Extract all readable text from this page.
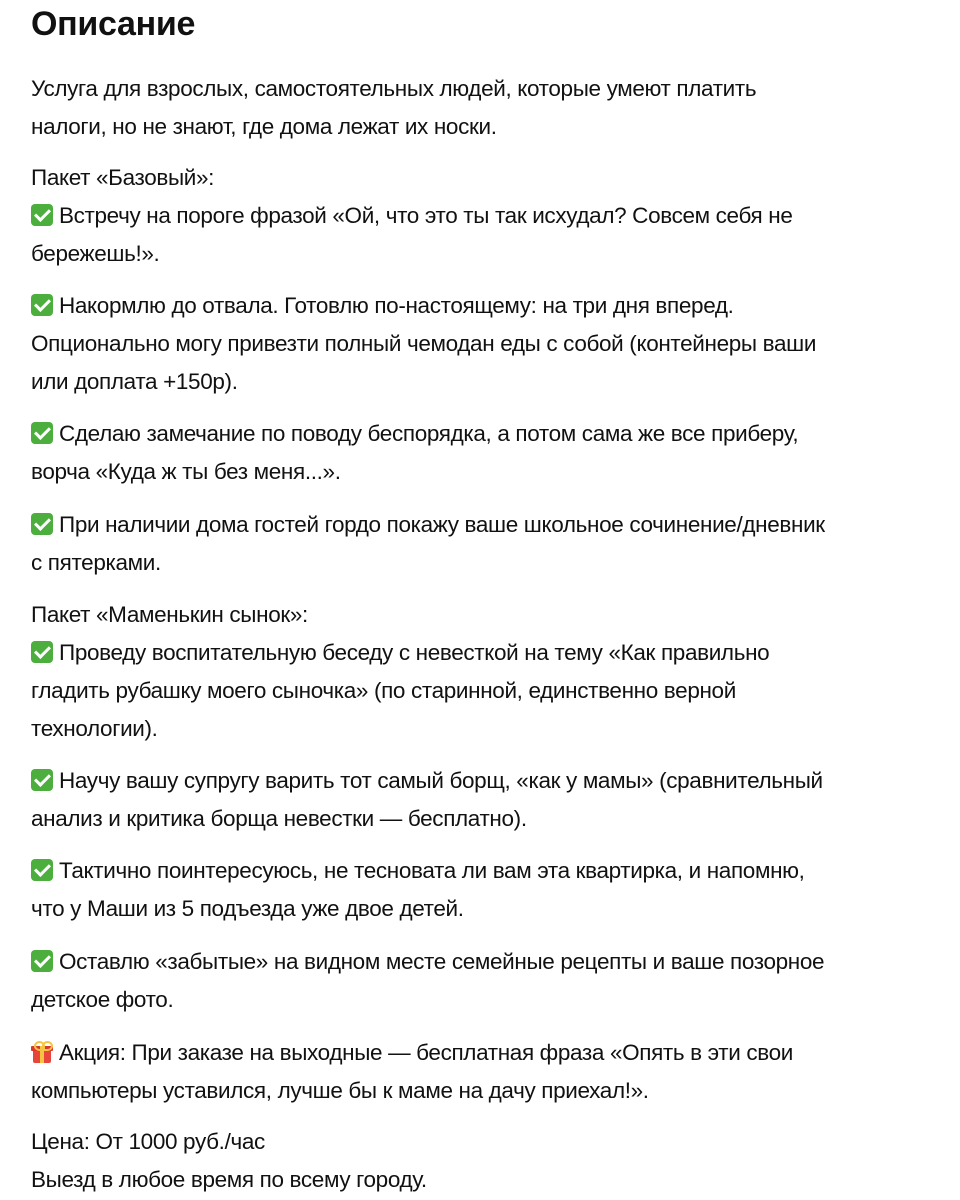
Описание

Услуга для взрослых, самостоятельных людей, которые умеют платить
налоги, но не знают, где дома лежат их носки.

Пакет «Базовый»:
Встречу на пороге фразой «Ой, что это ты так исхудал? Совсем себя не
бережешь!».

Накормлю до отвала. Готовлю по-настоящему: на три дня вперед.
Опционально могу привезти полный чемодан еды с собой (контейнеры ваши
или доплата +150р).

Сделаю замечание по поводу беспорядка, а потом сама же все приберу,
ворча «Куда ж ты без меня...».

При наличии дома гостей гордо покажу ваше школьное сочинение/дневник
с пятерками.

Пакет «Маменькин сынок»:
Проведу воспитательную беседу с невесткой на тему «Как правильно
гладить рубашку моего сыночка» (по старинной, единственно верной
технологии).

Научу вашу супругу варить тот самый борщ, «как у мамы» (сравнительный
анализ и критика борща невестки — бесплатно).

Тактично поинтересуюсь, не тесновата ли вам эта квартирка, и напомню,
что у Маши из 5 подъезда уже двое детей.

Оставлю «забытые» на видном месте семейные рецепты и ваше позорное
детское фото.

Акция: При заказе на выходные — бесплатная фраза «Опять в эти свои
компьютеры уставился, лучше бы к маме на дачу приехал!».

Цена: От 1000 руб./час
Выезд в любое время по всему городу.
